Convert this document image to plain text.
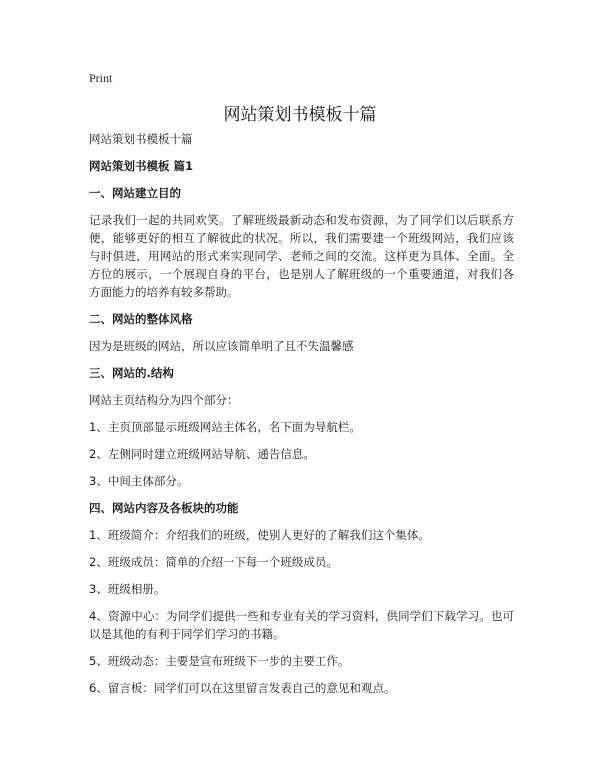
Print
网站策划书模板十篇

网站策划书模板十篇

网站策划书模板 篇1

一、网站建立目的

记录我们一起的共同欢笑。了解班级最新动态和发布资源，为了同学们以后联系方便，能够更好的相互了解彼此的状况。所以，我们需要建一个班级网站，我们应该与时俱进，用网站的形式来实现同学、老师之间的交流。这样更为具体、全面。全方位的展示，一个展现自身的平台，也是别人了解班级的一个重要通道，对我们各方面能力的培养有较多帮助。

二、网站的整体风格

因为是班级的网站，所以应该简单明了且不失温馨感

三、网站的.结构

网站主页结构分为四个部分：

1、主页顶部显示班级网站主体名，名下面为导航栏。

2、左侧同时建立班级网站导航、通告信息。

3、中间主体部分。

四、网站内容及各板块的功能

1、班级简介：介绍我们的班级，使别人更好的了解我们这个集体。

2、班级成员：简单的介绍一下每一个班级成员。

3、班级相册。

4、资源中心：为同学们提供一些和专业有关的学习资料，供同学们下载学习。也可以是其他的有利于同学们学习的书籍。

5、班级动态：主要是宣布班级下一步的主要工作。

6、留言板：同学们可以在这里留言发表自己的意见和观点。
